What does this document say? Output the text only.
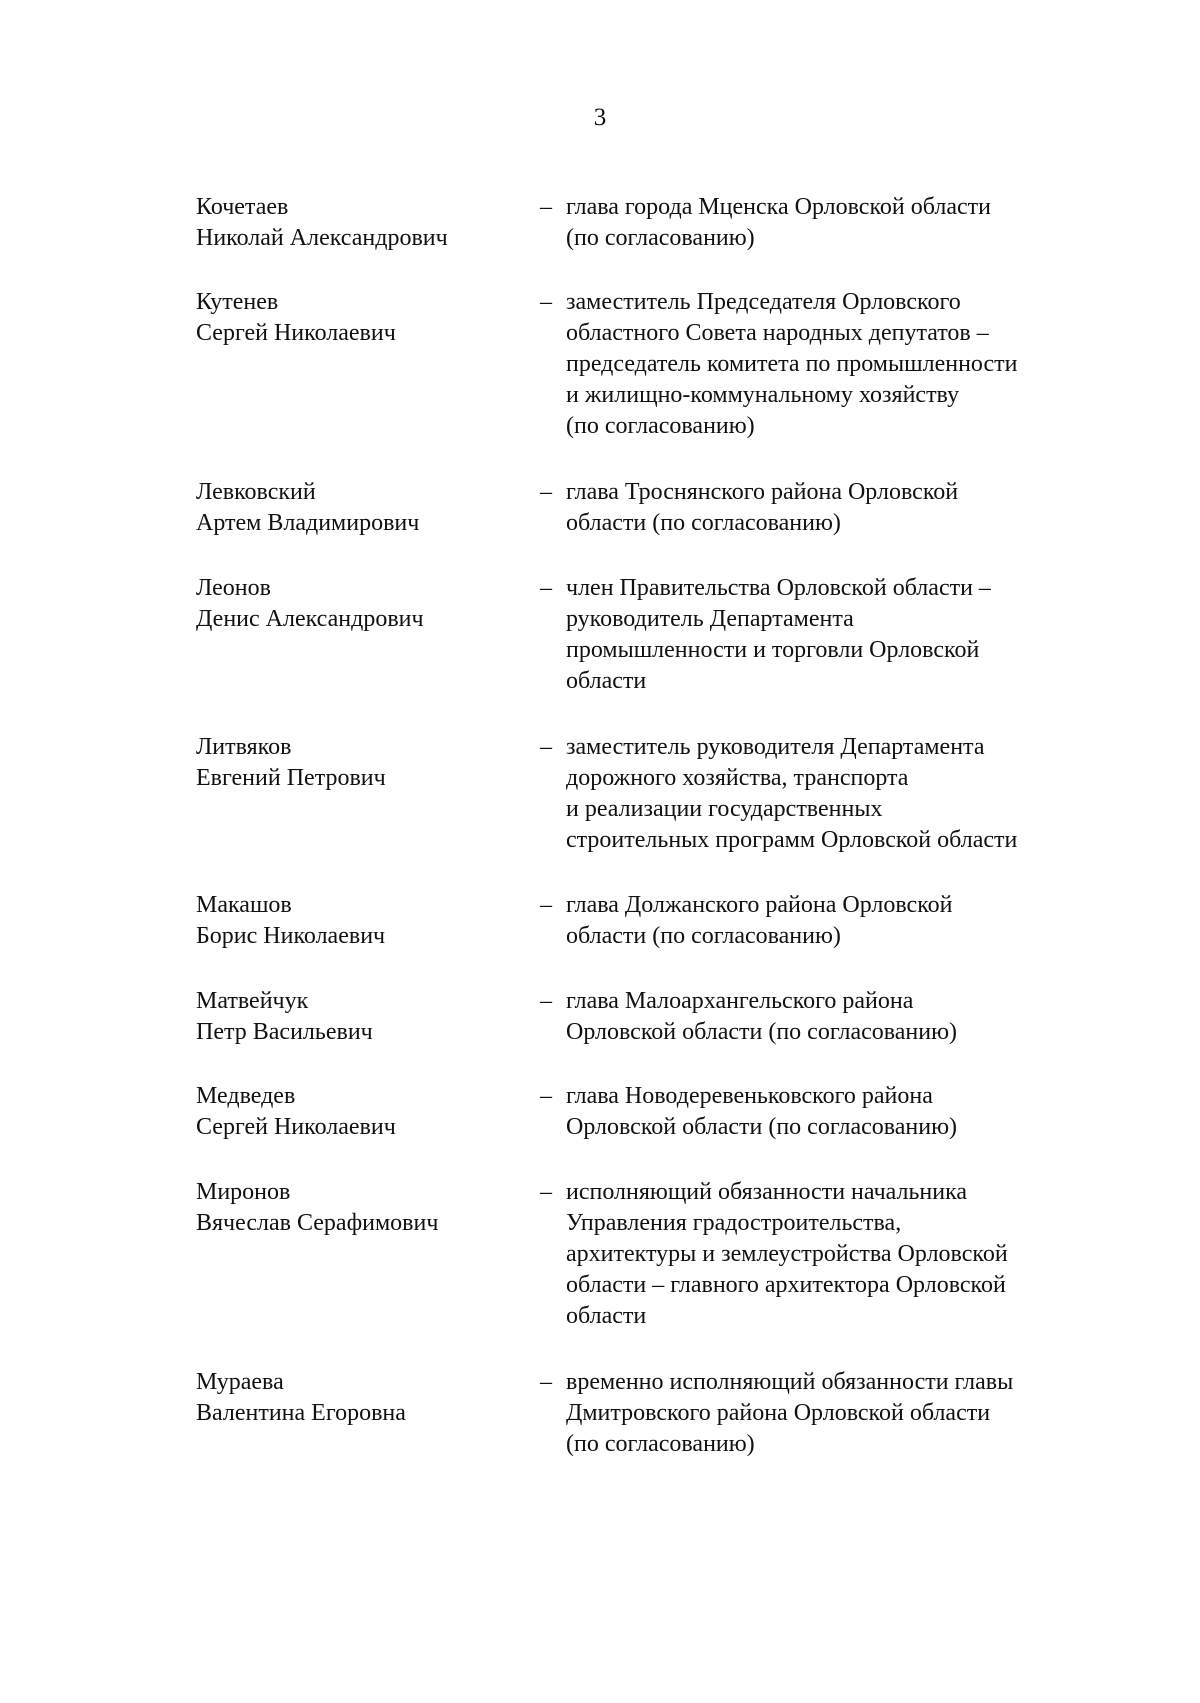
3
Кочетаев
Николай Александрович
– глава города Мценска Орловской области
(по согласованию)
Кутенев
Сергей Николаевич
– заместитель Председателя Орловского
областного Совета народных депутатов –
председатель комитета по промышленности
и жилищно-коммунальному хозяйству
(по согласованию)
Левковский
Артем Владимирович
– глава Троснянского района Орловской
области (по согласованию)
Леонов
Денис Александрович
– член Правительства Орловской области –
руководитель Департамента
промышленности и торговли Орловской
области
Литвяков
Евгений Петрович
– заместитель руководителя Департамента
дорожного хозяйства, транспорта
и реализации государственных
строительных программ Орловской области
Макашов
Борис Николаевич
– глава Должанского района Орловской
области (по согласованию)
Матвейчук
Петр Васильевич
– глава Малоархангельского района
Орловской области (по согласованию)
Медведев
Сергей Николаевич
– глава Новодеревеньковского района
Орловской области (по согласованию)
Миронов
Вячеслав Серафимович
– исполняющий обязанности начальника
Управления градостроительства,
архитектуры и землеустройства Орловской
области – главного архитектора Орловской
области
Мураева
Валентина Егоровна
– временно исполняющий обязанности главы
Дмитровского района Орловской области
(по согласованию)
